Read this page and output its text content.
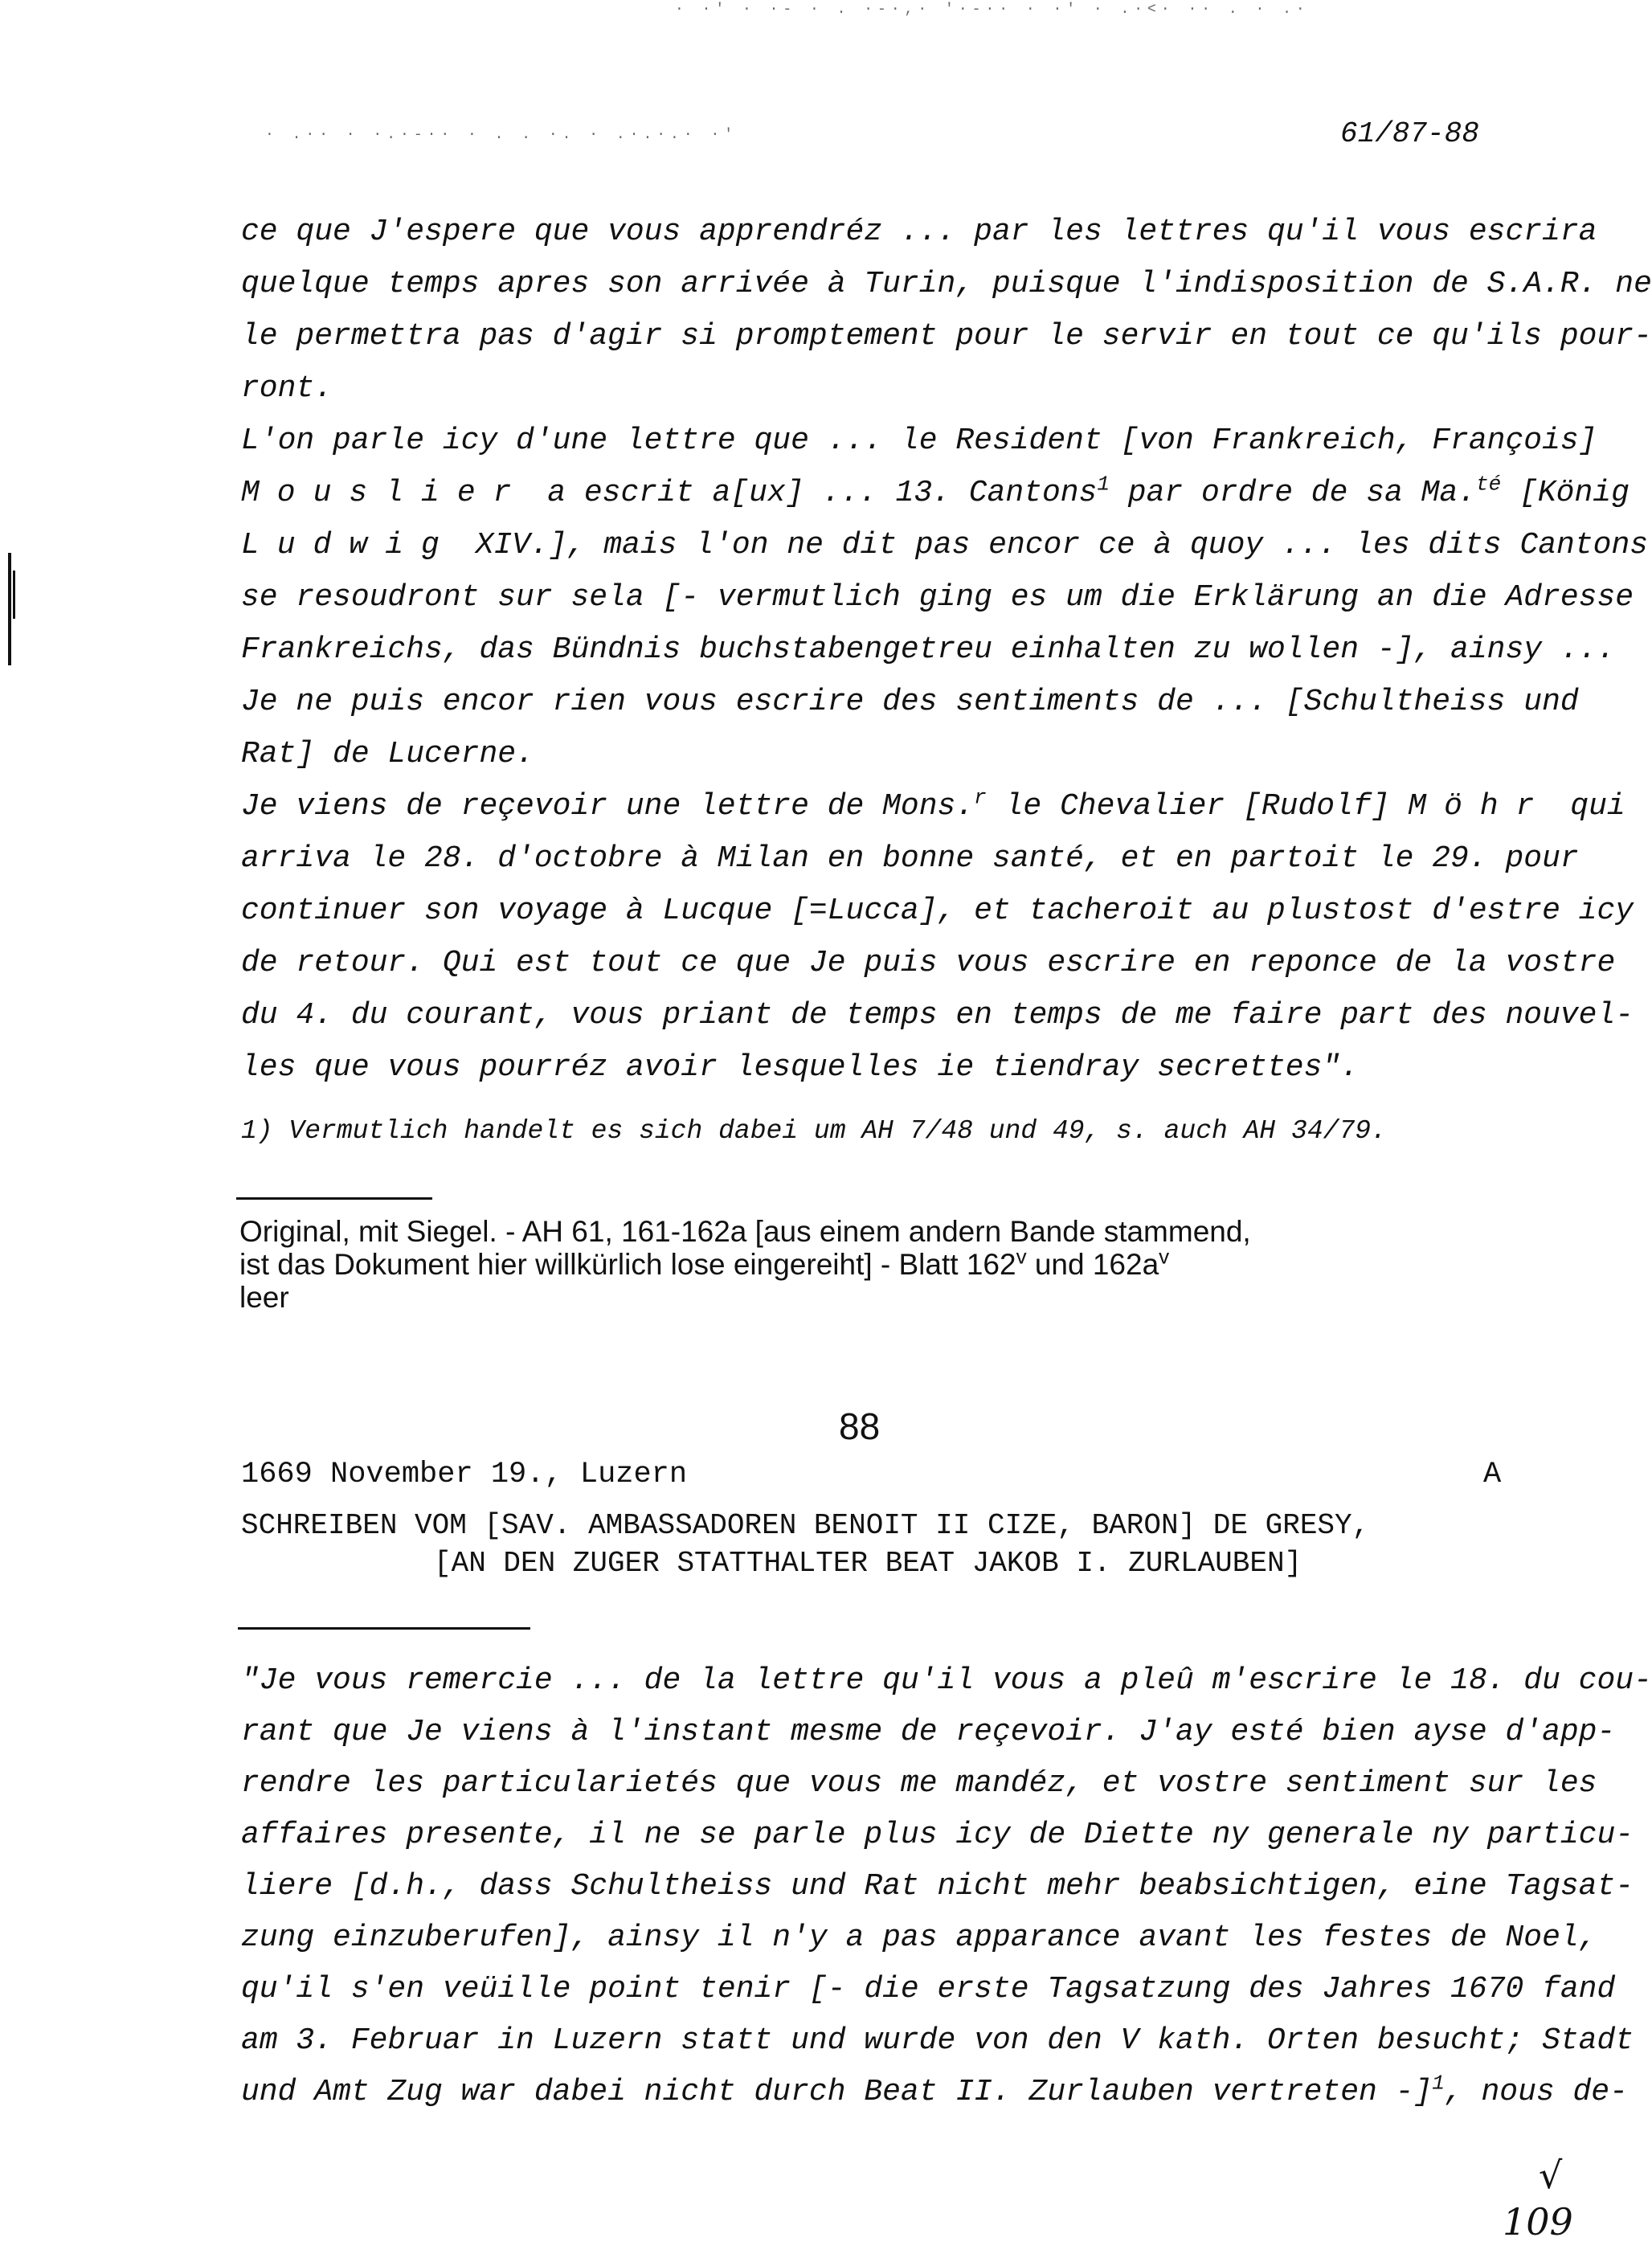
· ·' · ·- · . ·-·,· '·-·· · ·' · .·<· ·· . · .·
· .·· · ·.·-·· · . . ·. · .·.·.· ·'	61/87-88
ce que J'espere que vous apprendréz ... par les lettres qu'il vous escrira
quelque temps apres son arrivée à Turin, puisque l'indisposition de S.A.R. ne
le permettra pas d'agir si promptement pour le servir en tout ce qu'ils pour-
ront.
L'on parle icy d'une lettre que ... le Resident [von Frankreich, François]
Mouslier a escrit a[ux] ... 13. Cantons$^1$ par ordre de sa Ma.$^{té}$ [König
Ludwig XIV.], mais l'on ne dit pas encor ce à quoy ... les dits Cantons
se resoudront sur sela [- vermutlich ging es um die Erklärung an die Adresse
Frankreichs, das Bündnis buchstabengetreu einhalten zu wollen -], ainsy ...
Je ne puis encor rien vous escrire des sentiments de ... [Schultheiss und
Rat] de Lucerne.
Je viens de reçevoir une lettre de Mons.$^r$ le Chevalier [Rudolf] Möhr qui
arriva le 28. d'octobre à Milan en bonne santé, et en partoit le 29. pour
continuer son voyage à Lucque [=Lucca], et tacheroit au plustost d'estre icy
de retour. Qui est tout ce que Je puis vous escrire en reponce de la vostre
du 4. du courant, vous priant de temps en temps de me faire part des nouvel-
les que vous pourréz avoir lesquelles ie tiendray secrettes".
1) Vermutlich handelt es sich dabei um AH 7/48 und 49, s. auch AH 34/79.
Original, mit Siegel. - AH 61, 161-162a [aus einem andern Bande stammend,
ist das Dokument hier willkürlich lose eingereiht] - Blatt 162$^v$ und $162a^v$
leer
88
1669 November 19., Luzern	A
SCHREIBEN VOM [SAV. AMBASSADOREN BENOIT II CIZE, BARON] DE GRESY,
[AN DEN ZUGER STATTHALTER BEAT JAKOB I. ZURLAUBEN]
"Je vous remercie ... de la lettre qu'il vous a pleû m'escrire le 18. du cou-
rant que Je viens à l'instant mesme de reçevoir. J'ay esté bien ayse d'app-
rendre les particularietés que vous me mandéz, et vostre sentiment sur les
affaires presente, il ne se parle plus icy de Diette ny generale ny particu-
liere [d.h., dass Schultheiss und Rat nicht mehr beabsichtigen, eine Tagsat-
zung einzuberufen], ainsy il n'y a pas apparance avant les festes de Noel,
qu'il s'en veüille point tenir [- die erste Tagsatzung des Jahres 1670 fand
am 3. Februar in Luzern statt und wurde von den V kath. Orten besucht; Stadt
und Amt Zug war dabei nicht durch Beat II. Zurlauben vertreten -]$^1$, nous de-
√
109
